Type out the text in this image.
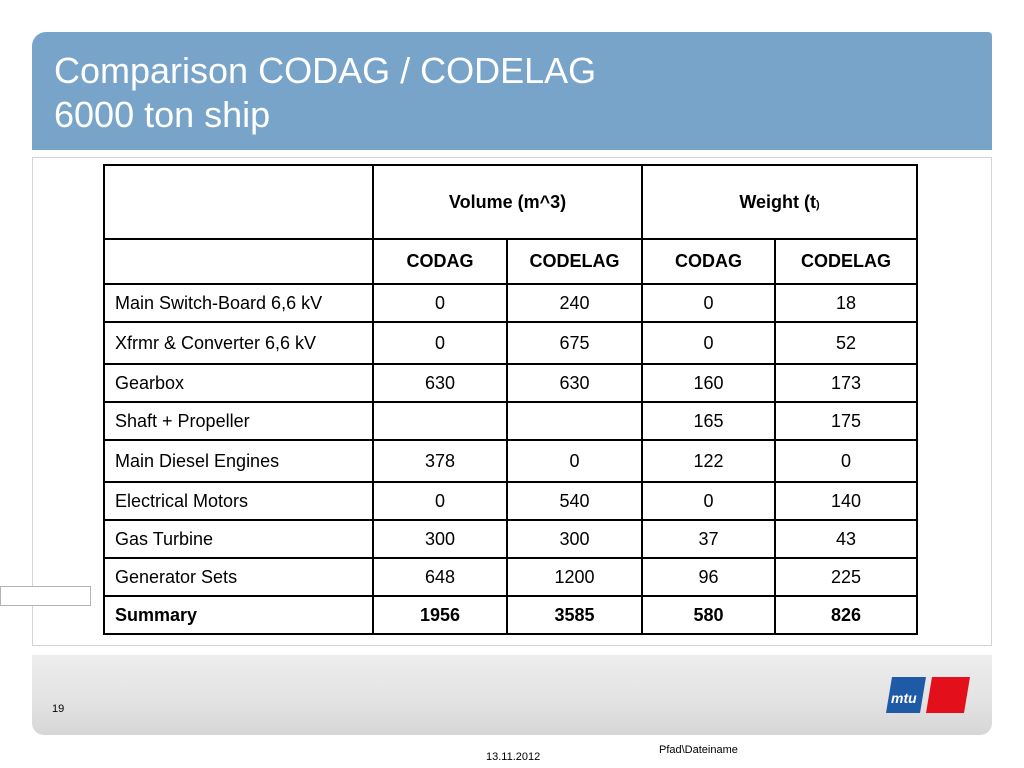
Comparison CODAG / CODELAG
6000 ton ship
	Volume (m^3)		Weight (t)	
	CODAG	CODELAG	CODAG	CODELAG
Main Switch-Board 6,6 kV	0	240	0	18
Xfrmr & Converter 6,6 kV	0	675	0	52
Gearbox	630	630	160	173
Shaft + Propeller			165	175
Main Diesel Engines	378	0	122	0
Electrical Motors	0	540	0	140
Gas Turbine	300	300	37	43
Generator Sets	648	1200	96	225
Summary	1956	3585	580	826
19
mtu
13.11.2012
Pfad\Dateiname
